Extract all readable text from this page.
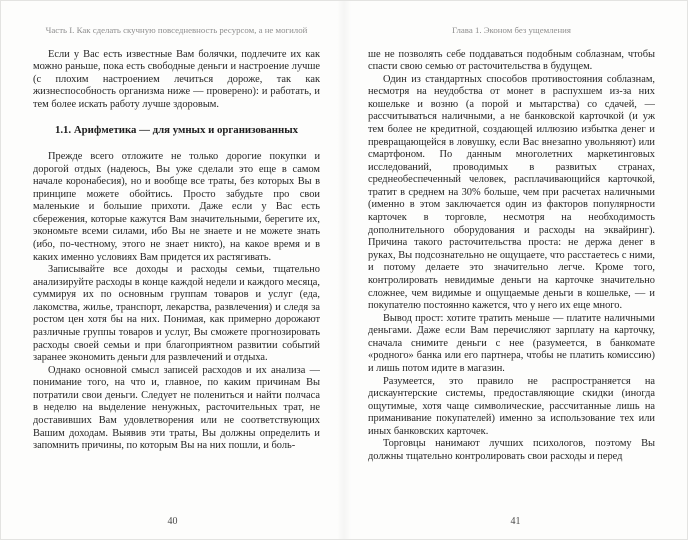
Часть I. Как сделать скучную повседневность ресурсом, а не могилой

Если у Вас есть известные Вам болячки, подлечите их как можно раньше, пока есть свободные деньги и настроение лучше (с плохим настроением лечиться дороже, так как жизнеспособность организма ниже — проверено): и работать, и тем более искать работу лучше здоровым.

1.1. Арифметика — для умных и организованных

Прежде всего отложите не только дорогие покупки и дорогой отдых (надеюсь, Вы уже сделали это еще в самом начале коронабесия), но и вообще все траты, без которых Вы в принципе можете обойтись. Просто забудьте про свои маленькие и большие прихоти. Даже если у Вас есть сбережения, которые кажутся Вам значительными, берегите их, экономьте всеми силами, ибо Вы не знаете и не можете знать (ибо, по-честному, этого не знает никто), на какое время и в каких именно условиях Вам придется их растягивать.

Записывайте все доходы и расходы семьи, тщательно анализируйте расходы в конце каждой недели и каждого месяца, суммируя их по основным группам товаров и услуг (еда, лакомства, жилье, транспорт, лекарства, развлечения) и следя за ростом цен хотя бы на них. Понимая, как примерно дорожают различные группы товаров и услуг, Вы сможете прогнозировать расходы своей семьи и при благоприятном развитии событий заранее экономить деньги для развлечений и отдыха.

Однако основной смысл записей расходов и их анализа — понимание того, на что и, главное, по каким причинам Вы потратили свои деньги. Следует не полениться и найти полчаса в неделю на выделение ненужных, расточительных трат, не доставивших Вам удовлетворения или не соответствующих Вашим доходам. Выявив эти траты, Вы должны определить и запомнить причины, по которым Вы на них пошли, и боль-

40
Глава 1. Эконом без ущемления

ше не позволять себе поддаваться подобным соблазнам, чтобы спасти свою семью от расточительства в будущем.

Один из стандартных способов противостояния соблазнам, несмотря на неудобства от монет в распухшем из-за них кошельке и возню (а порой и мытарства) со сдачей, — рассчитываться наличными, а не банковской карточкой (и уж тем более не кредитной, создающей иллюзию избытка денег и превращающейся в ловушку, если Вас внезапно увольняют) или смартфоном. По данным многолетних маркетинговых исследований, проводимых в развитых странах, среднеобеспеченный человек, расплачивающийся карточкой, тратит в среднем на 30% больше, чем при расчетах наличными (именно в этом заключается один из факторов популярности карточек в торговле, несмотря на необходимость дополнительного оборудования и расходы на эквайринг). Причина такого расточительства проста: не держа денег в руках, Вы подсознательно не ощущаете, что расстаетесь с ними, и потому делаете это значительно легче. Кроме того, контролировать невидимые деньги на карточке значительно сложнее, чем видимые и ощущаемые деньги в кошельке, — и покупателю постоянно кажется, что у него их еще много.

Вывод прост: хотите тратить меньше — платите наличными деньгами. Даже если Вам перечисляют зарплату на карточку, сначала снимите деньги с нее (разумеется, в банкомате «родного» банка или его партнера, чтобы не платить комиссию) и лишь потом идите в магазин.

Разумеется, это правило не распространяется на дискаунтерские системы, предоставляющие скидки (иногда ощутимые, хотя чаще символические, рассчитанные лишь на приманивание покупателей) именно за использование тех или иных банковских карточек.

Торговцы нанимают лучших психологов, поэтому Вы должны тщательно контролировать свои расходы и перед

41
